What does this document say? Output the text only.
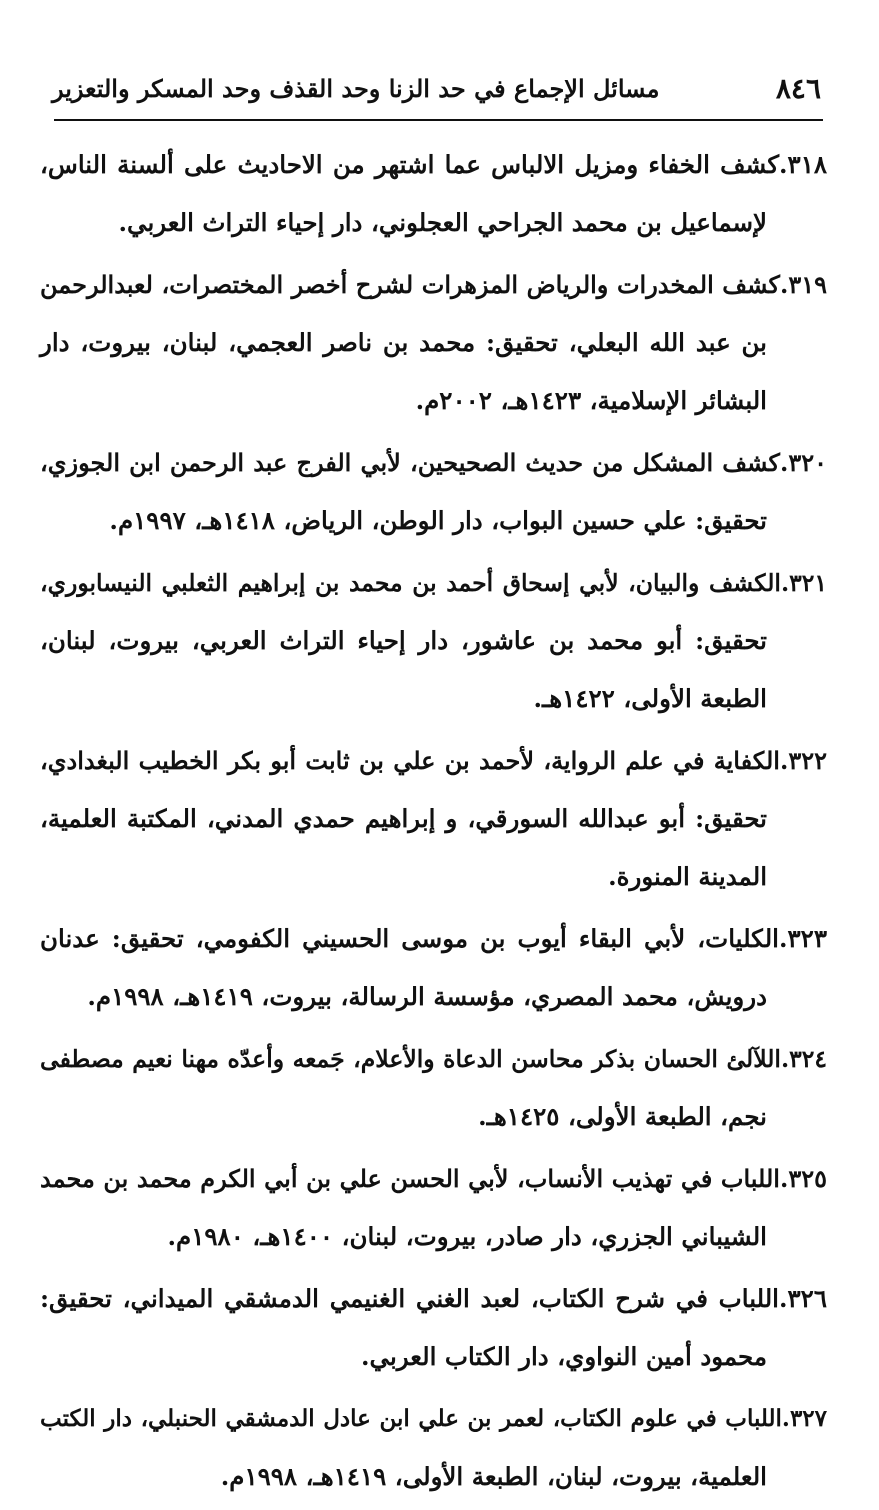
٨٤٦
مسائل الإجماع في حد الزنا وحد القذف وحد المسكر والتعزير
٣١٨.كشف الخفاء ومزيل الالباس عما اشتهر من الاحاديث على ألسنة الناس،
لإسماعيل بن محمد الجراحي العجلوني، دار إحياء التراث العربي.
٣١٩.كشف المخدرات والرياض المزهرات لشرح أخصر المختصرات، لعبدالرحمن
بن عبد الله البعلي، تحقيق: محمد بن ناصر العجمي، لبنان، بيروت، دار
البشائر الإسلامية، ١٤٢٣هـ، ٢٠٠٢م.
٣٢٠.كشف المشكل من حديث الصحيحين، لأبي الفرج عبد الرحمن ابن الجوزي،
تحقيق: علي حسين البواب، دار الوطن، الرياض، ١٤١٨هـ، ١٩٩٧م.
٣٢١.الكشف والبيان، لأبي إسحاق أحمد بن محمد بن إبراهيم الثعلبي النيسابوري،
تحقيق: أبو محمد بن عاشور، دار إحياء التراث العربي، بيروت، لبنان،
الطبعة الأولى، ١٤٢٢هـ.
٣٢٢.الكفاية في علم الرواية، لأحمد بن علي بن ثابت أبو بكر الخطيب البغدادي،
تحقيق: أبو عبدالله السورقي، و إبراهيم حمدي المدني، المكتبة العلمية،
المدينة المنورة.
٣٢٣.الكليات، لأبي البقاء أيوب بن موسى الحسيني الكفومي، تحقيق: عدنان
درويش، محمد المصري، مؤسسة الرسالة، بيروت، ١٤١٩هـ، ١٩٩٨م.
٣٢٤.اللآلئ الحسان بذكر محاسن الدعاة والأعلام، جَمعه وأعدّه مهنا نعيم مصطفى
نجم، الطبعة الأولى، ١٤٢٥هـ.
٣٢٥.اللباب في تهذيب الأنساب، لأبي الحسن علي بن أبي الكرم محمد بن محمد
الشيباني الجزري، دار صادر، بيروت، لبنان، ١٤٠٠هـ، ١٩٨٠م.
٣٢٦.اللباب في شرح الكتاب، لعبد الغني الغنيمي الدمشقي الميداني، تحقيق:
محمود أمين النواوي، دار الكتاب العربي.
٣٢٧.اللباب في علوم الكتاب، لعمر بن علي ابن عادل الدمشقي الحنبلي، دار الكتب
العلمية، بيروت، لبنان، الطبعة الأولى، ١٤١٩هـ، ١٩٩٨م.
